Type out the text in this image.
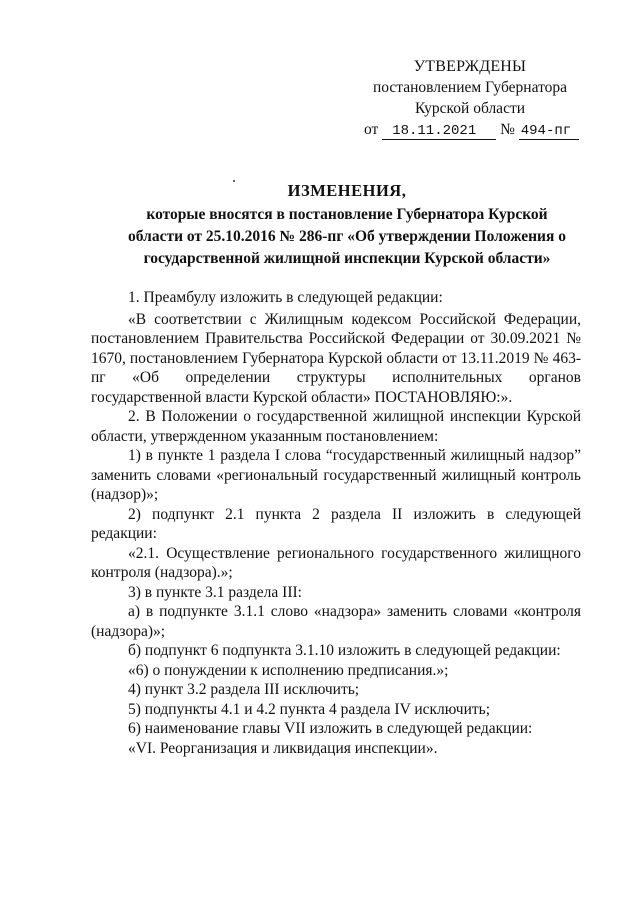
УТВЕРЖДЕНЫ
постановлением Губернатора
Курской области
от 18.11.2021 № 494-пг
ИЗМЕНЕНИЯ,
которые вносятся в постановление Губернатора Курской
области от 25.10.2016 № 286-пг «Об утверждении Положения о
государственной жилищной инспекции Курской области»

1. Преамбулу изложить в следующей редакции:

«В соответствии с Жилищным кодексом Российской Федерации, постановлением Правительства Российской Федерации от 30.09.2021 № 1670, постановлением Губернатора Курской области от 13.11.2019 № 463-пг «Об определении структуры исполнительных органов государственной власти Курской области» ПОСТАНОВЛЯЮ:».

2. В Положении о государственной жилищной инспекции Курской области, утвержденном указанным постановлением:

1) в пункте 1 раздела I слова “государственный жилищный надзор” заменить словами «региональный государственный жилищный контроль (надзор)»;

2) подпункт 2.1 пункта 2 раздела II изложить в следующей редакции:

«2.1. Осуществление регионального государственного жилищного контроля (надзора).»;

3) в пункте 3.1 раздела III:

а) в подпункте 3.1.1 слово «надзора» заменить словами «контроля (надзора)»;

б) подпункт 6 подпункта 3.1.10 изложить в следующей редакции:

«6) о понуждении к исполнению предписания.»;

4) пункт 3.2 раздела III исключить;

5) подпункты 4.1 и 4.2 пункта 4 раздела IV исключить;

6) наименование главы VII изложить в следующей редакции:

«VI. Реорганизация и ликвидация инспекции».
